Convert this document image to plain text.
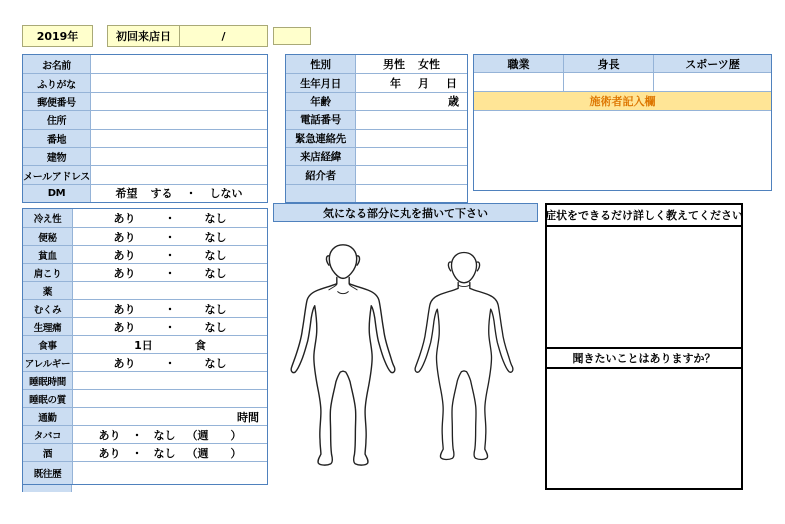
2019年	初回来店日	/
お名前
ふりがな
郵便番号
住所
番地
建物
メールアドレス
DM	希望 する ・ しない
性別	男性 女性
生年月日	年 月 日
年齢	歳
電話番号
緊急連絡先
来店経緯
紹介者
職業	身長	スポーツ歴
施術者記入欄
冷え性	あり	・	なし
便秘	あり	・	なし
貧血	あり	・	なし
肩こり	あり	・	なし
薬
むくみ	あり	・	なし
生理痛	あり	・	なし
食事	1日	食
アレルギー	あり	・	なし
睡眠時間
睡眠の質
通勤	時間
タバコ	あり ・ なし （週　　）
酒	あり ・ なし （週　　）
既往歴
気になる部分に丸を描いて下さい	症状をできるだけ詳しく教えてください
聞きたいことはありますか？
